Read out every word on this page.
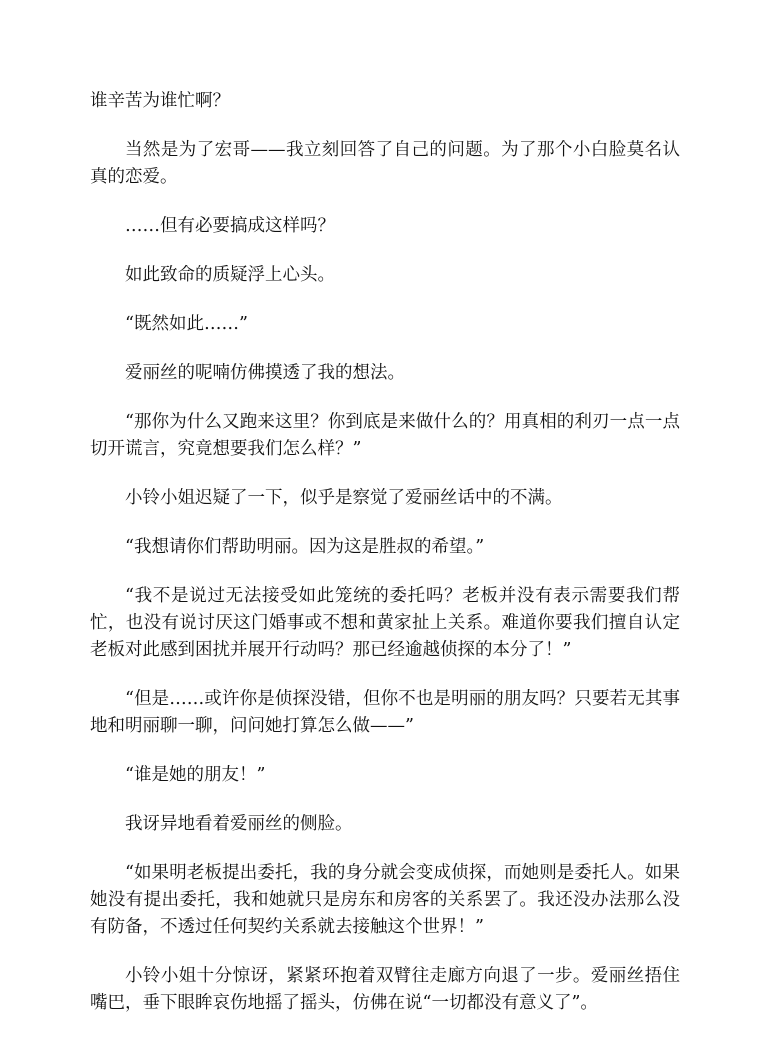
谁辛苦为谁忙啊？

当然是为了宏哥——我立刻回答了自己的问题。为了那个小白脸莫名认真的恋爱。

……但有必要搞成这样吗？

如此致命的质疑浮上心头。

“既然如此……”

爱丽丝的呢喃仿佛摸透了我的想法。

“那你为什么又跑来这里？你到底是来做什么的？用真相的利刃一点一点切开谎言，究竟想要我们怎么样？”

小铃小姐迟疑了一下，似乎是察觉了爱丽丝话中的不满。

“我想请你们帮助明丽。因为这是胜叔的希望。”

“我不是说过无法接受如此笼统的委托吗？老板并没有表示需要我们帮忙，也没有说讨厌这门婚事或不想和黄家扯上关系。难道你要我们擅自认定老板对此感到困扰并展开行动吗？那已经逾越侦探的本分了！”

“但是……或许你是侦探没错，但你不也是明丽的朋友吗？只要若无其事地和明丽聊一聊，问问她打算怎么做——”

“谁是她的朋友！”

我讶异地看着爱丽丝的侧脸。

“如果明老板提出委托，我的身分就会变成侦探，而她则是委托人。如果她没有提出委托，我和她就只是房东和房客的关系罢了。我还没办法那么没有防备，不透过任何契约关系就去接触这个世界！”

小铃小姐十分惊讶，紧紧环抱着双臂往走廊方向退了一步。爱丽丝捂住嘴巴，垂下眼眸哀伤地摇了摇头，仿佛在说“一切都没有意义了”。
